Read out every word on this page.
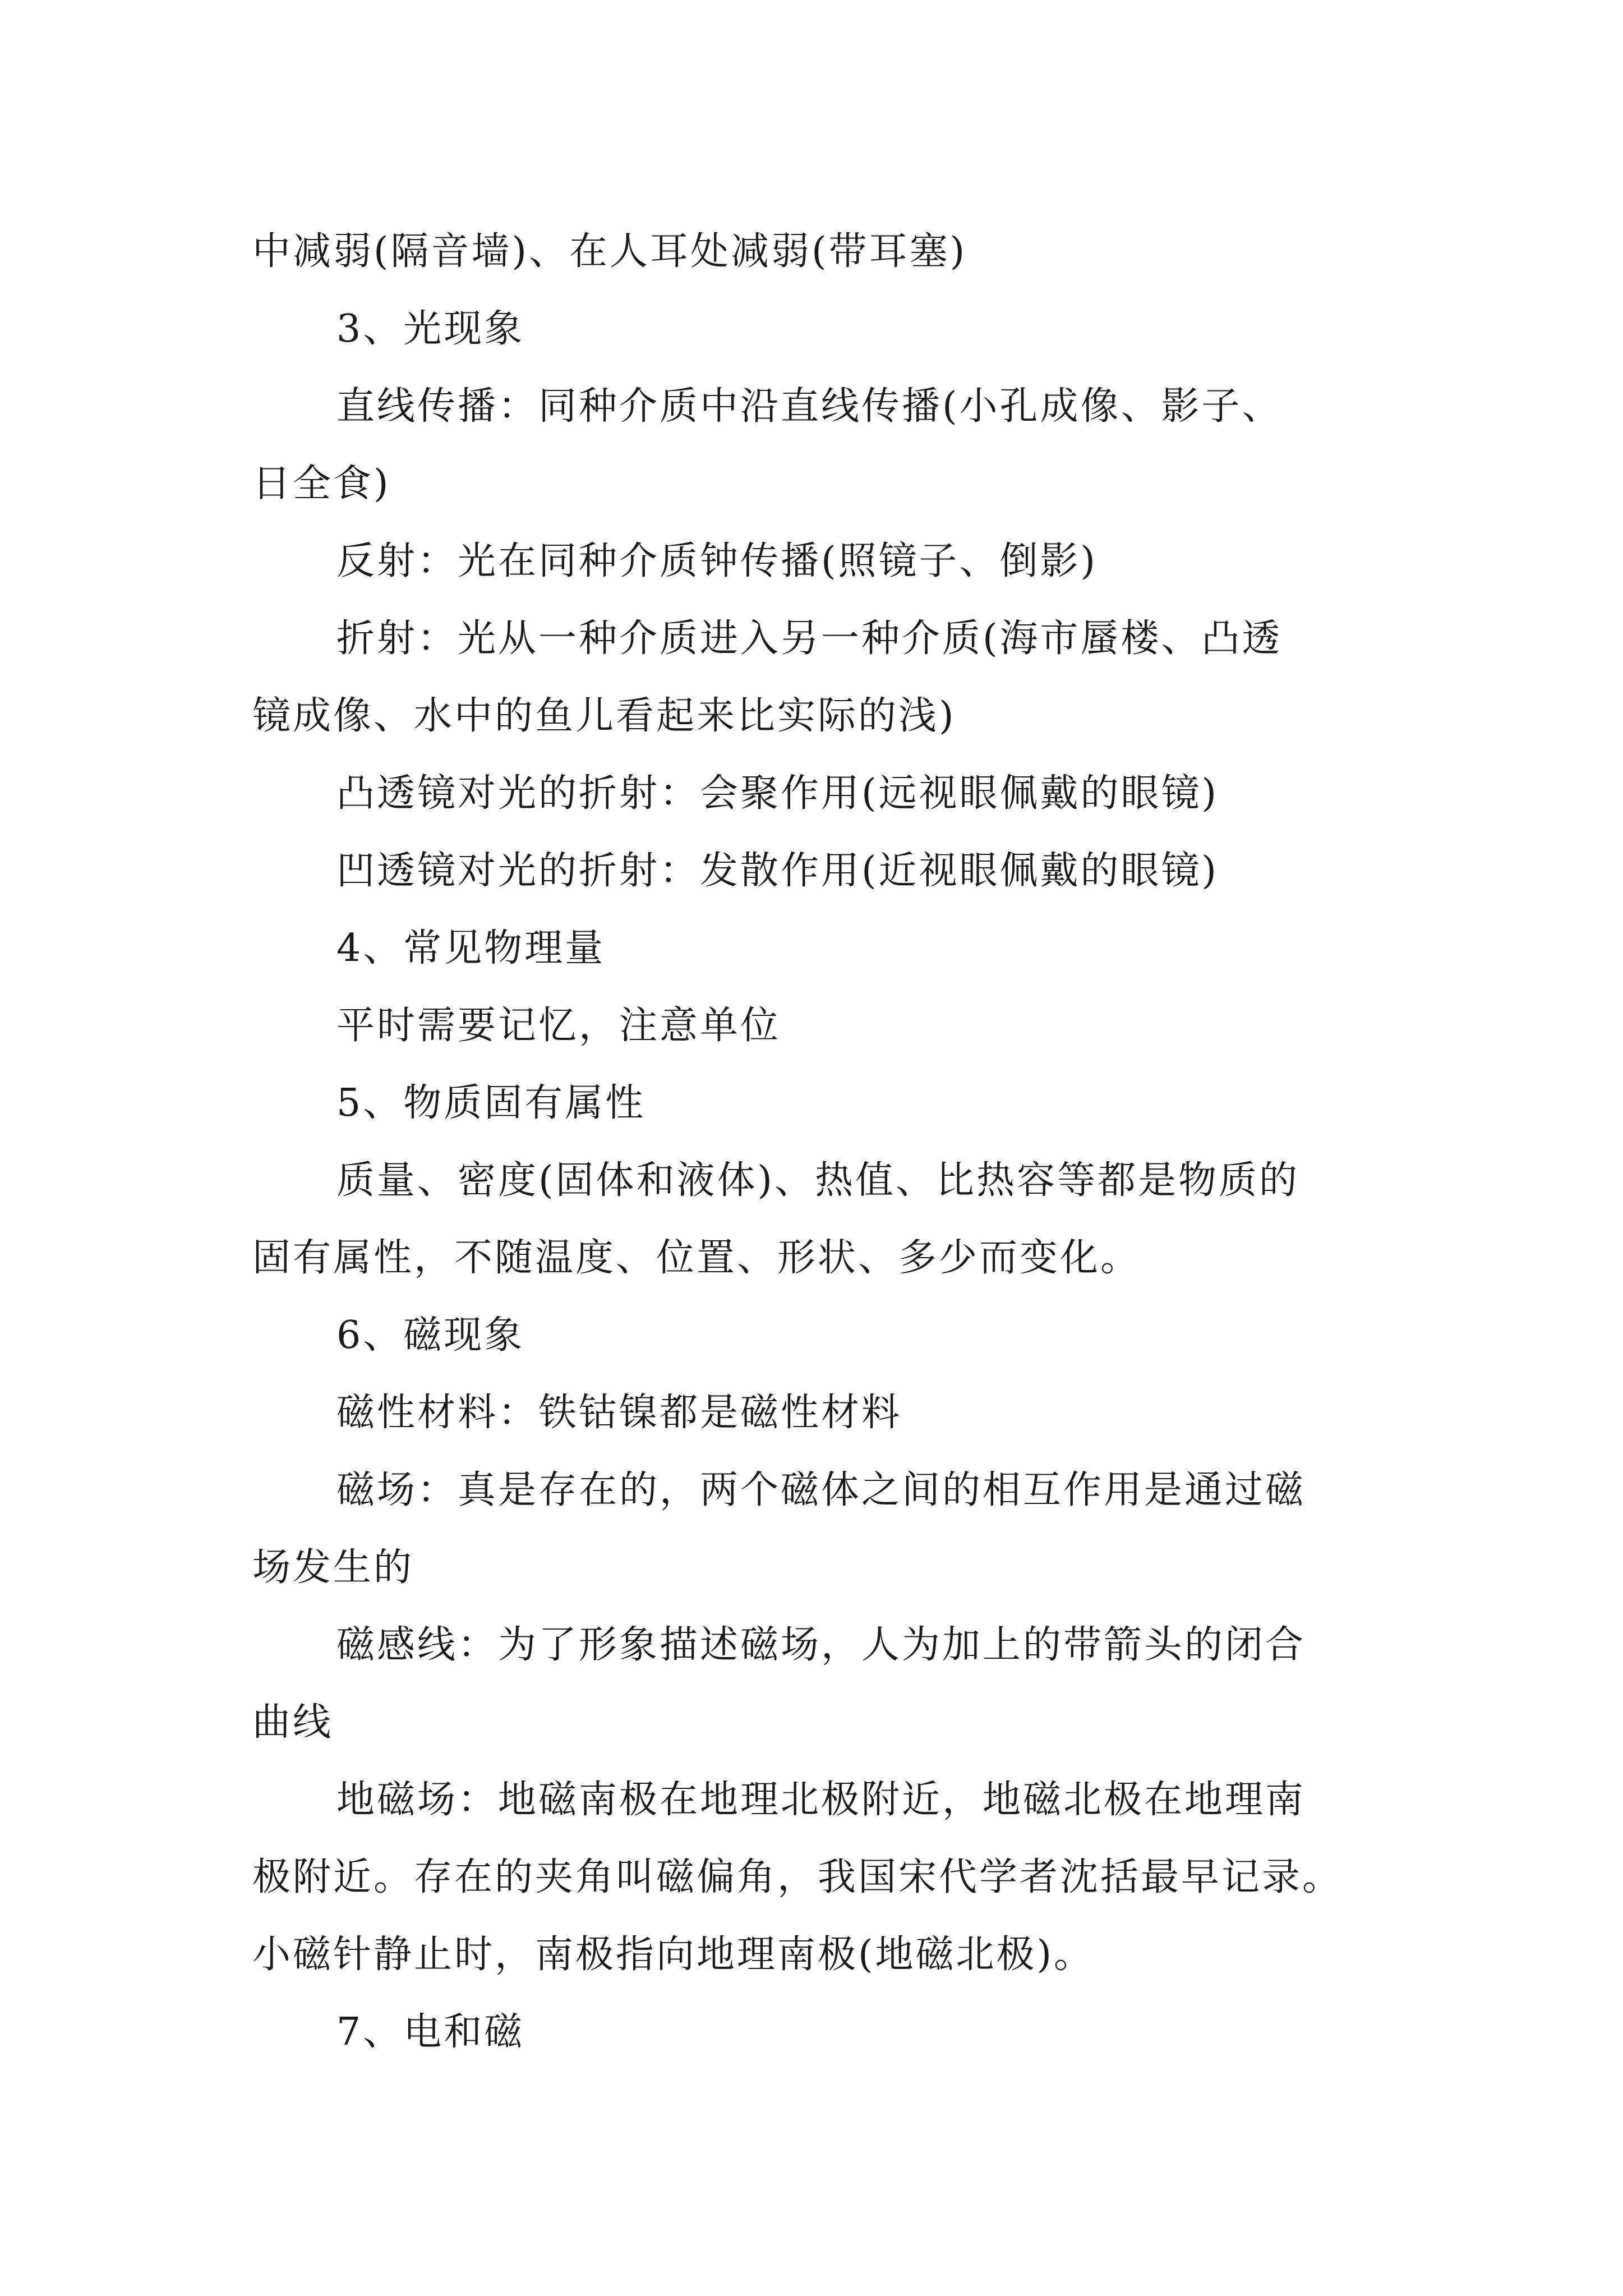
中减弱(隔音墙)、在人耳处减弱(带耳塞)
3、光现象
直线传播：同种介质中沿直线传播(小孔成像、影子、
日全食)
反射：光在同种介质钟传播(照镜子、倒影)
折射：光从一种介质进入另一种介质(海市蜃楼、凸透
镜成像、水中的鱼儿看起来比实际的浅)
凸透镜对光的折射：会聚作用(远视眼佩戴的眼镜)
凹透镜对光的折射：发散作用(近视眼佩戴的眼镜)
4、常见物理量
平时需要记忆，注意单位
5、物质固有属性
质量、密度(固体和液体)、热值、比热容等都是物质的
固有属性，不随温度、位置、形状、多少而变化。
6、磁现象
磁性材料：铁钴镍都是磁性材料
磁场：真是存在的，两个磁体之间的相互作用是通过磁
场发生的
磁感线：为了形象描述磁场，人为加上的带箭头的闭合
曲线
地磁场：地磁南极在地理北极附近，地磁北极在地理南
极附近。存在的夹角叫磁偏角，我国宋代学者沈括最早记录。
小磁针静止时，南极指向地理南极(地磁北极)。
7、电和磁
